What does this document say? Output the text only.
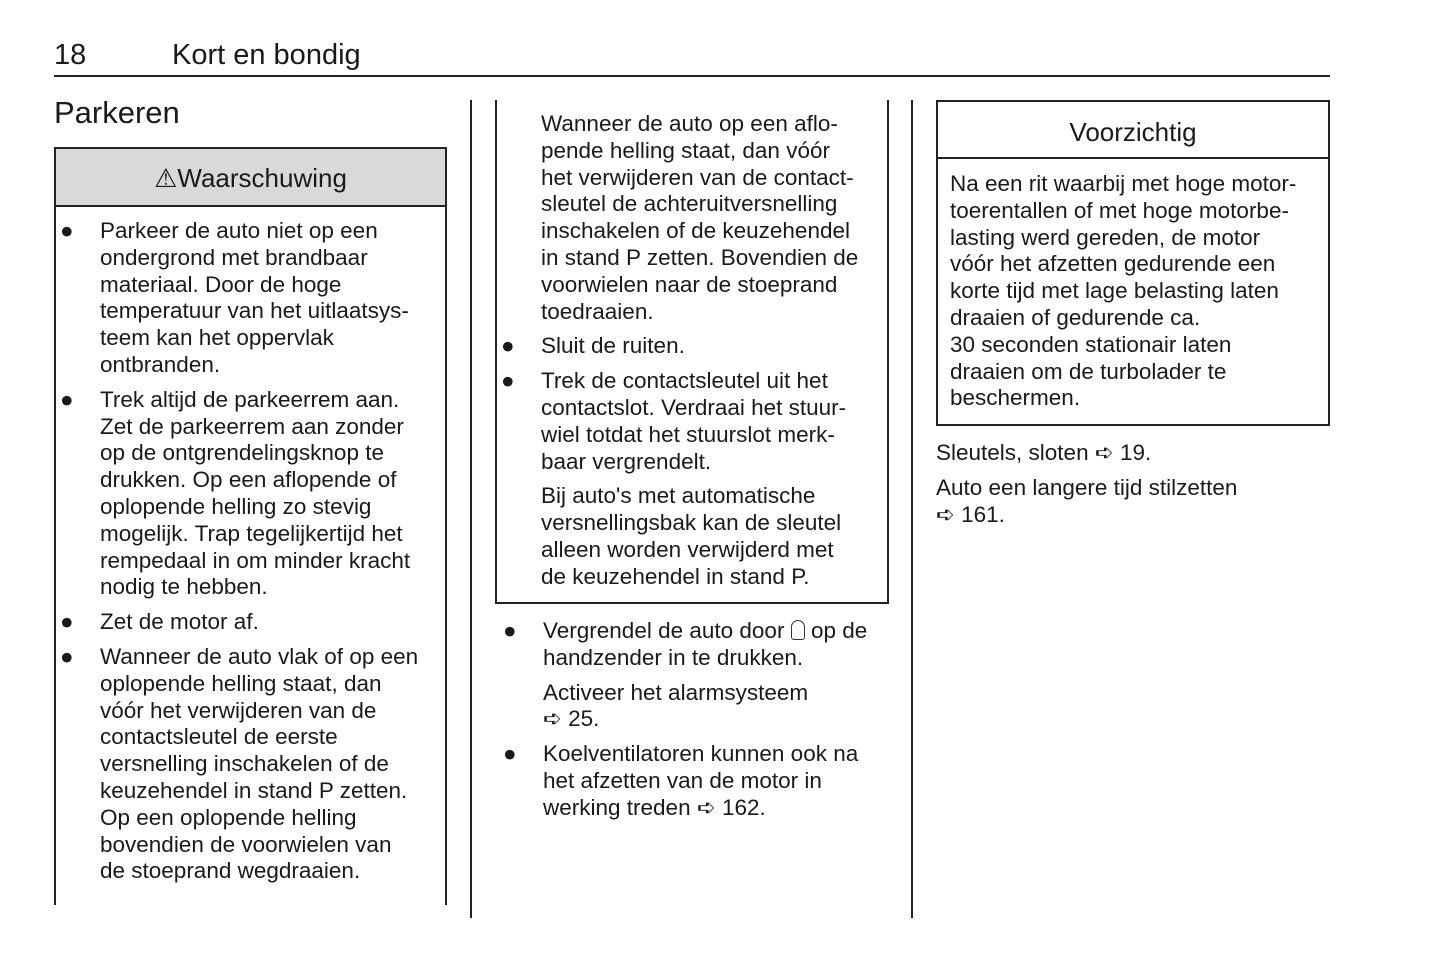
18	Kort en bondig
Parkeren
⚠Waarschuwing
● Parkeer de auto niet op een
ondergrond met brandbaar
materiaal. Door de hoge
temperatuur van het uitlaatsys-
teem kan het oppervlak
ontbranden.
● Trek altijd de parkeerrem aan.
Zet de parkeerrem aan zonder
op de ontgrendelingsknop te
drukken. Op een aflopende of
oplopende helling zo stevig
mogelijk. Trap tegelijkertijd het
rempedaal in om minder kracht
nodig te hebben.
● Zet de motor af.
● Wanneer de auto vlak of op een
oplopende helling staat, dan
vóór het verwijderen van de
contactsleutel de eerste
versnelling inschakelen of de
keuzehendel in stand P zetten.
Op een oplopende helling
bovendien de voorwielen van
de stoeprand wegdraaien.
Wanneer de auto op een aflo-
pende helling staat, dan vóór
het verwijderen van de contact-
sleutel de achteruitversnelling
inschakelen of de keuzehendel
in stand P zetten. Bovendien de
voorwielen naar de stoeprand
toedraaien.
● Sluit de ruiten.
● Trek de contactsleutel uit het
contactslot. Verdraai het stuur-
wiel totdat het stuurslot merk-
baar vergrendelt.
Bij auto's met automatische
versnellingsbak kan de sleutel
alleen worden verwijderd met
de keuzehendel in stand P.
● Vergrendel de auto door  op de
handzender in te drukken.
Activeer het alarmsysteem
➪ 25.
● Koelventilatoren kunnen ook na
het afzetten van de motor in
werking treden ➪ 162.
Voorzichtig
Na een rit waarbij met hoge motor-
toerentallen of met hoge motorbe-
lasting werd gereden, de motor
vóór het afzetten gedurende een
korte tijd met lage belasting laten
draaien of gedurende ca.
30 seconden stationair laten
draaien om de turbolader te
beschermen.
Sleutels, sloten ➪ 19.
Auto een langere tijd stilzetten
➪ 161.
